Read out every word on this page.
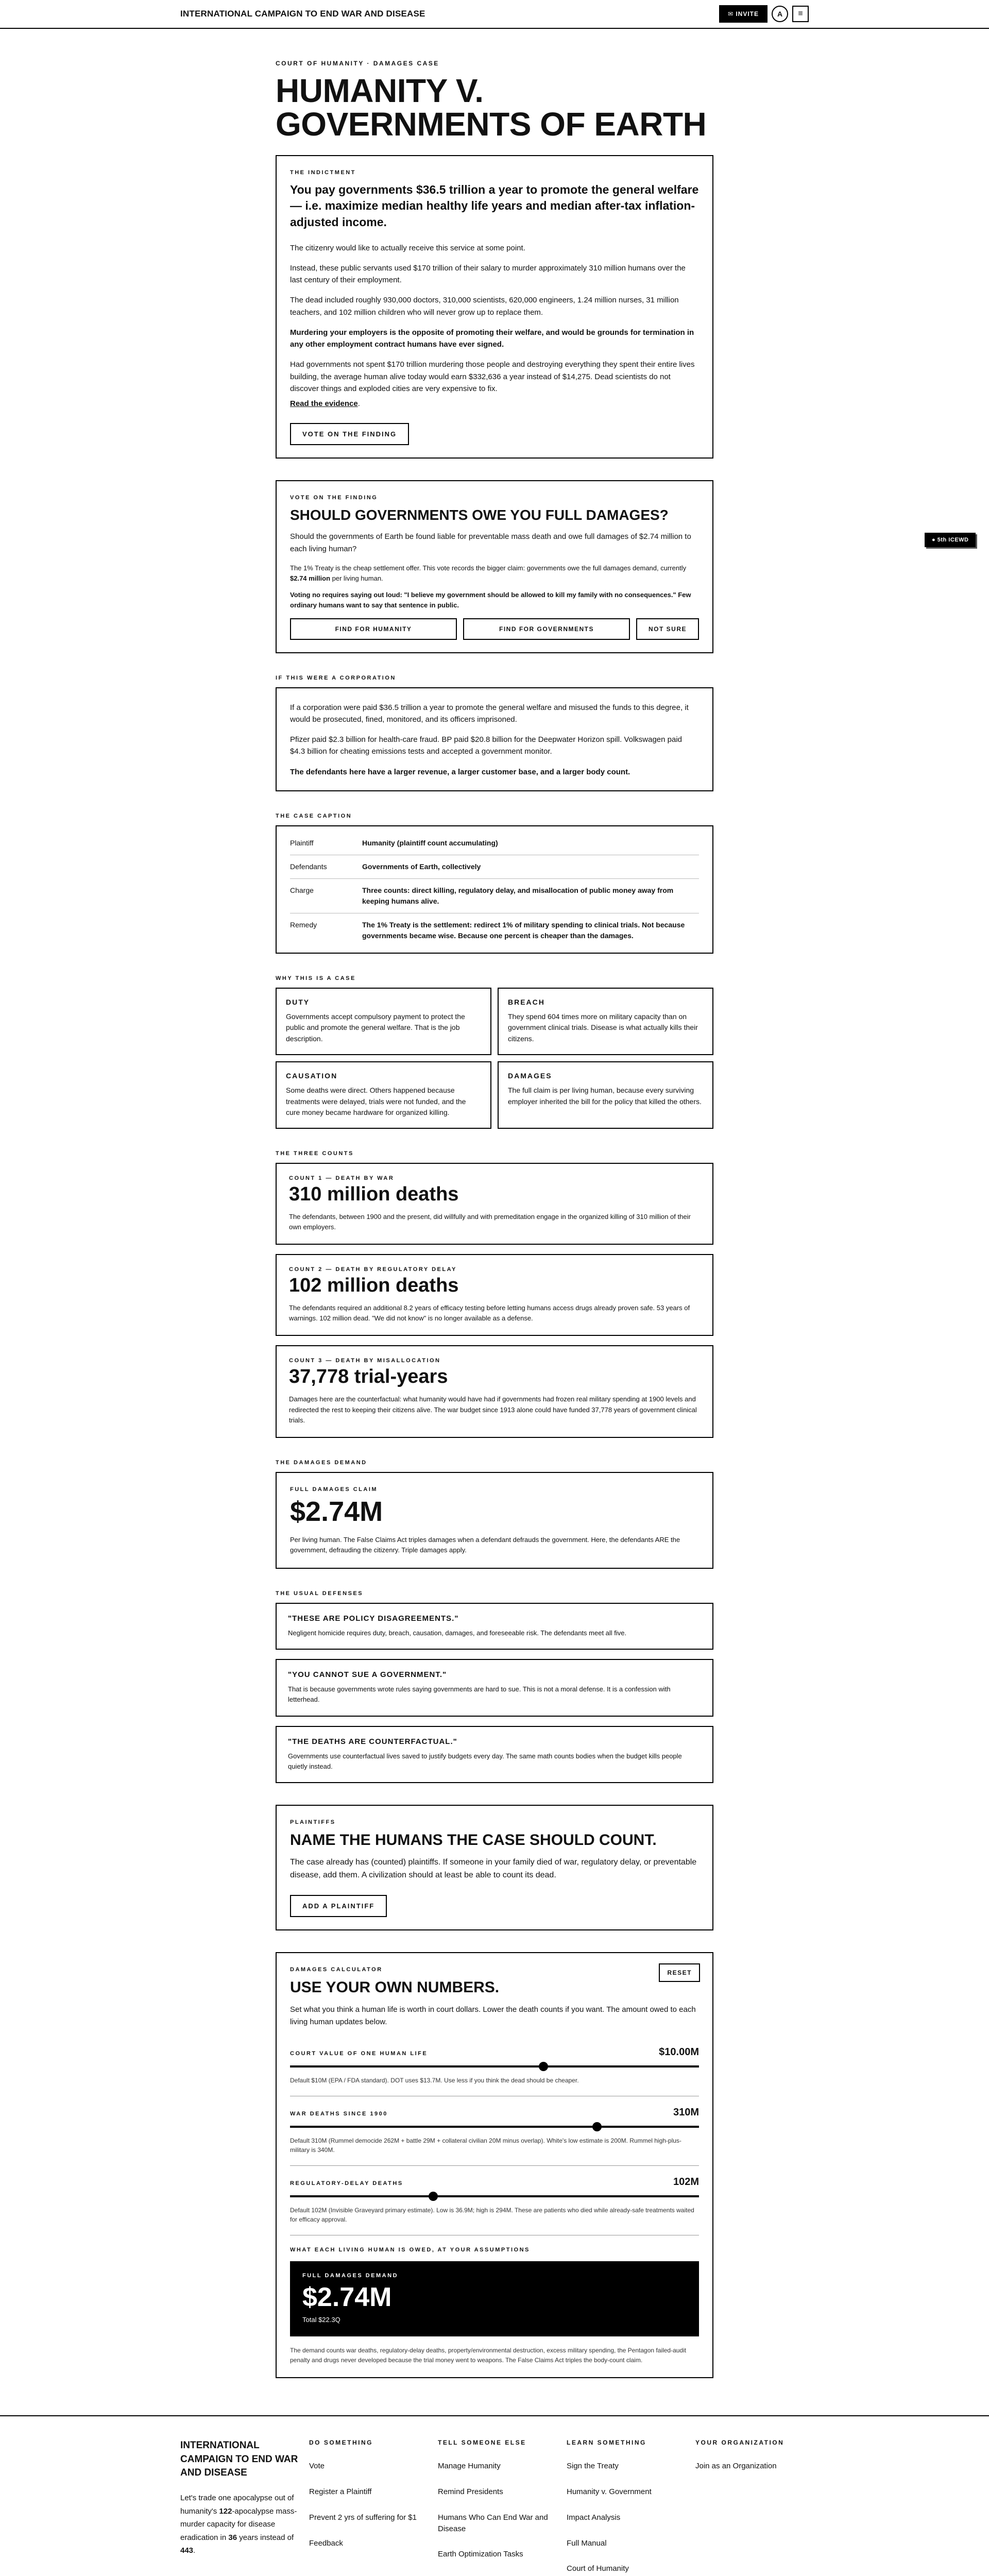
INTERNATIONAL CAMPAIGN TO END WAR AND DISEASE	✉ INVITE	A	≡
● 5th ICEWD
COURT OF HUMANITY · DAMAGES CASE
HUMANITY V. GOVERNMENTS OF EARTH
THE INDICTMENT

You pay governments $36.5 trillion a year to promote the general welfare — i.e. maximize median healthy life years and median after-tax inflation-adjusted income.

The citizenry would like to actually receive this service at some point.

Instead, these public servants used $170 trillion of their salary to murder approximately 310 million humans over the last century of their employment.

The dead included roughly 930,000 doctors, 310,000 scientists, 620,000 engineers, 1.24 million nurses, 31 million teachers, and 102 million children who will never grow up to replace them.

Murdering your employers is the opposite of promoting their welfare, and would be grounds for termination in any other employment contract humans have ever signed.

Had governments not spent $170 trillion murdering those people and destroying everything they spent their entire lives building, the average human alive today would earn $332,636 a year instead of $14,275. Dead scientists do not discover things and exploded cities are very expensive to fix.

Read the evidence.

VOTE ON THE FINDING
VOTE ON THE FINDING
SHOULD GOVERNMENTS OWE YOU FULL DAMAGES?

Should the governments of Earth be found liable for preventable mass death and owe full damages of $2.74 million to each living human?

The 1% Treaty is the cheap settlement offer. This vote records the bigger claim: governments owe the full damages demand, currently $2.74 million per living human.

Voting no requires saying out loud: "I believe my government should be allowed to kill my family with no consequences." Few ordinary humans want to say that sentence in public.

FIND FOR HUMANITY	FIND FOR GOVERNMENTS	NOT SURE
IF THIS WERE A CORPORATION

If a corporation were paid $36.5 trillion a year to promote the general welfare and misused the funds to this degree, it would be prosecuted, fined, monitored, and its officers imprisoned.

Pfizer paid $2.3 billion for health-care fraud. BP paid $20.8 billion for the Deepwater Horizon spill. Volkswagen paid $4.3 billion for cheating emissions tests and accepted a government monitor.

The defendants here have a larger revenue, a larger customer base, and a larger body count.

THE CASE CAPTION
Plaintiff	Humanity (plaintiff count accumulating)
Defendants	Governments of Earth, collectively
Charge	Three counts: direct killing, regulatory delay, and misallocation of public money away from keeping humans alive.
Remedy	The 1% Treaty is the settlement: redirect 1% of military spending to clinical trials. Not because governments became wise. Because one percent is cheaper than the damages.
WHY THIS IS A CASE
DUTY
Governments accept compulsory payment to protect the public and promote the general welfare. That is the job description.
BREACH
They spend 604 times more on military capacity than on government clinical trials. Disease is what actually kills their citizens.
CAUSATION
Some deaths were direct. Others happened because treatments were delayed, trials were not funded, and the cure money became hardware for organized killing.
DAMAGES
The full claim is per living human, because every surviving employer inherited the bill for the policy that killed the others.
THE THREE COUNTS
COUNT 1 — DEATH BY WAR
310 million deaths

The defendants, between 1900 and the present, did willfully and with premeditation engage in the organized killing of 310 million of their own employers.

COUNT 2 — DEATH BY REGULATORY DELAY
102 million deaths

The defendants required an additional 8.2 years of efficacy testing before letting humans access drugs already proven safe. 53 years of warnings. 102 million dead. "We did not know" is no longer available as a defense.

COUNT 3 — DEATH BY MISALLOCATION
37,778 trial-years

Damages here are the counterfactual: what humanity would have had if governments had frozen real military spending at 1900 levels and redirected the rest to keeping their citizens alive. The war budget since 1913 alone could have funded 37,778 years of government clinical trials.

THE DAMAGES DEMAND
FULL DAMAGES CLAIM
$2.74M

Per living human. The False Claims Act triples damages when a defendant defrauds the government. Here, the defendants ARE the government, defrauding the citizenry. Triple damages apply.

THE USUAL DEFENSES
"THESE ARE POLICY DISAGREEMENTS."

Negligent homicide requires duty, breach, causation, damages, and foreseeable risk. The defendants meet all five.

"YOU CANNOT SUE A GOVERNMENT."

That is because governments wrote rules saying governments are hard to sue. This is not a moral defense. It is a confession with letterhead.

"THE DEATHS ARE COUNTERFACTUAL."

Governments use counterfactual lives saved to justify budgets every day. The same math counts bodies when the budget kills people quietly instead.

PLAINTIFFS
NAME THE HUMANS THE CASE SHOULD COUNT.

The case already has (counted) plaintiffs. If someone in your family died of war, regulatory delay, or preventable disease, add them. A civilization should at least be able to count its dead.

ADD A PLAINTIFF
DAMAGES CALCULATOR	RESET
USE YOUR OWN NUMBERS.

Set what you think a human life is worth in court dollars. Lower the death counts if you want. The amount owed to each living human updates below.

COURT VALUE OF ONE HUMAN LIFE	$10.00M
Default $10M (EPA / FDA standard). DOT uses $13.7M. Use less if you think the dead should be cheaper.
WAR DEATHS SINCE 1900	310M
Default 310M (Rummel democide 262M + battle 29M + collateral civilian 20M minus overlap). White's low estimate is 200M. Rummel high-plus-military is 340M.
REGULATORY-DELAY DEATHS	102M
Default 102M (Invisible Graveyard primary estimate). Low is 36.9M; high is 294M. These are patients who died while already-safe treatments waited for efficacy approval.
WHAT EACH LIVING HUMAN IS OWED, AT YOUR ASSUMPTIONS
FULL DAMAGES DEMAND
$2.74M
Total $22.3Q

The demand counts war deaths, regulatory-delay deaths, property/environmental destruction, excess military spending, the Pentagon failed-audit penalty and drugs never developed because the trial money went to weapons. The False Claims Act triples the body-count claim.

INTERNATIONAL CAMPAIGN TO END WAR AND DISEASE

Let's trade one apocalypse out of humanity's 122-apocalypse mass-murder capacity for disease eradication in 36 years instead of 443.

DO SOMETHING
Vote
Register a Plaintiff
Prevent 2 yrs of suffering for $1
Feedback
TELL SOMEONE ELSE
Manage Humanity
Remind Presidents
Humans Who Can End War and Disease
Earth Optimization Tasks
LEARN SOMETHING
Sign the Treaty
Humanity v. Government
Impact Analysis
Full Manual
Court of Humanity
YOUR ORGANIZATION
Join as an Organization
